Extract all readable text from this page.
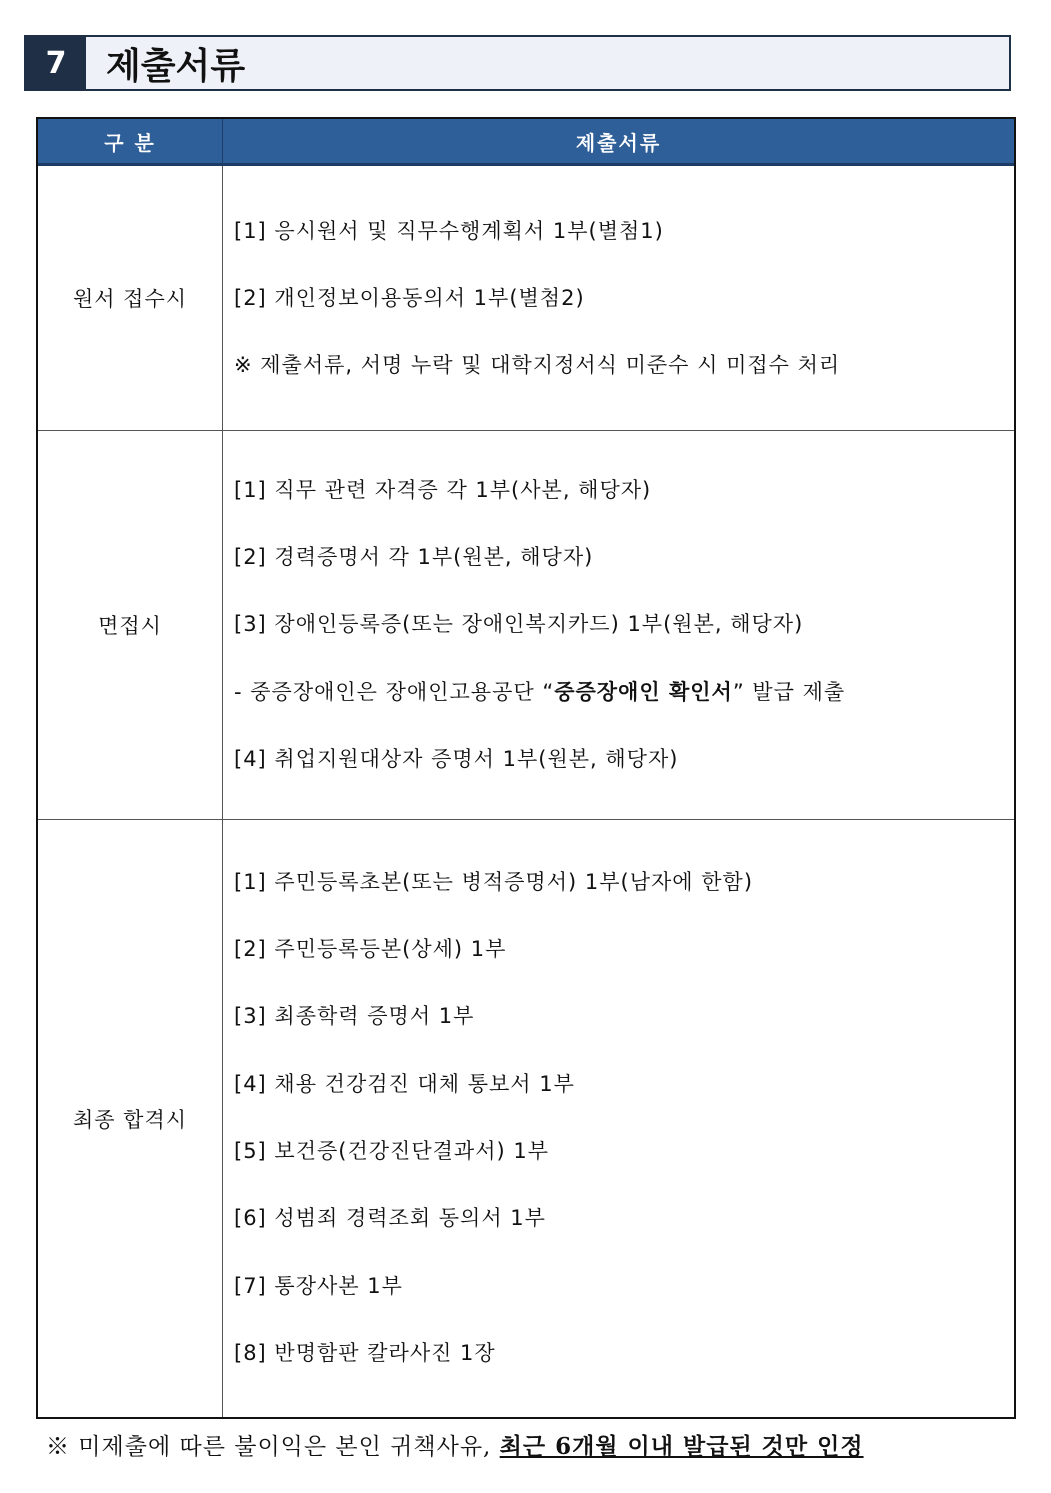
7	제출서류
구 분	제출서류
원서 접수시
[1] 응시원서 및 직무수행계획서 1부(별첨1)
[2] 개인정보이용동의서 1부(별첨2)
※ 제출서류, 서명 누락 및 대학지정서식 미준수 시 미접수 처리
면접시
[1] 직무 관련 자격증 각 1부(사본, 해당자)
[2] 경력증명서 각 1부(원본, 해당자)
[3] 장애인등록증(또는 장애인복지카드) 1부(원본, 해당자)
- 중증장애인은 장애인고용공단 “중증장애인 확인서” 발급 제출
[4] 취업지원대상자 증명서 1부(원본, 해당자)
최종 합격시
[1] 주민등록초본(또는 병적증명서) 1부(남자에 한함)
[2] 주민등록등본(상세) 1부
[3] 최종학력 증명서 1부
[4] 채용 건강검진 대체 통보서 1부
[5] 보건증(건강진단결과서) 1부
[6] 성범죄 경력조회 동의서 1부
[7] 통장사본 1부
[8] 반명함판 칼라사진 1장
※ 미제출에 따른 불이익은 본인 귀책사유, 최근 6개월 이내 발급된 것만 인정
